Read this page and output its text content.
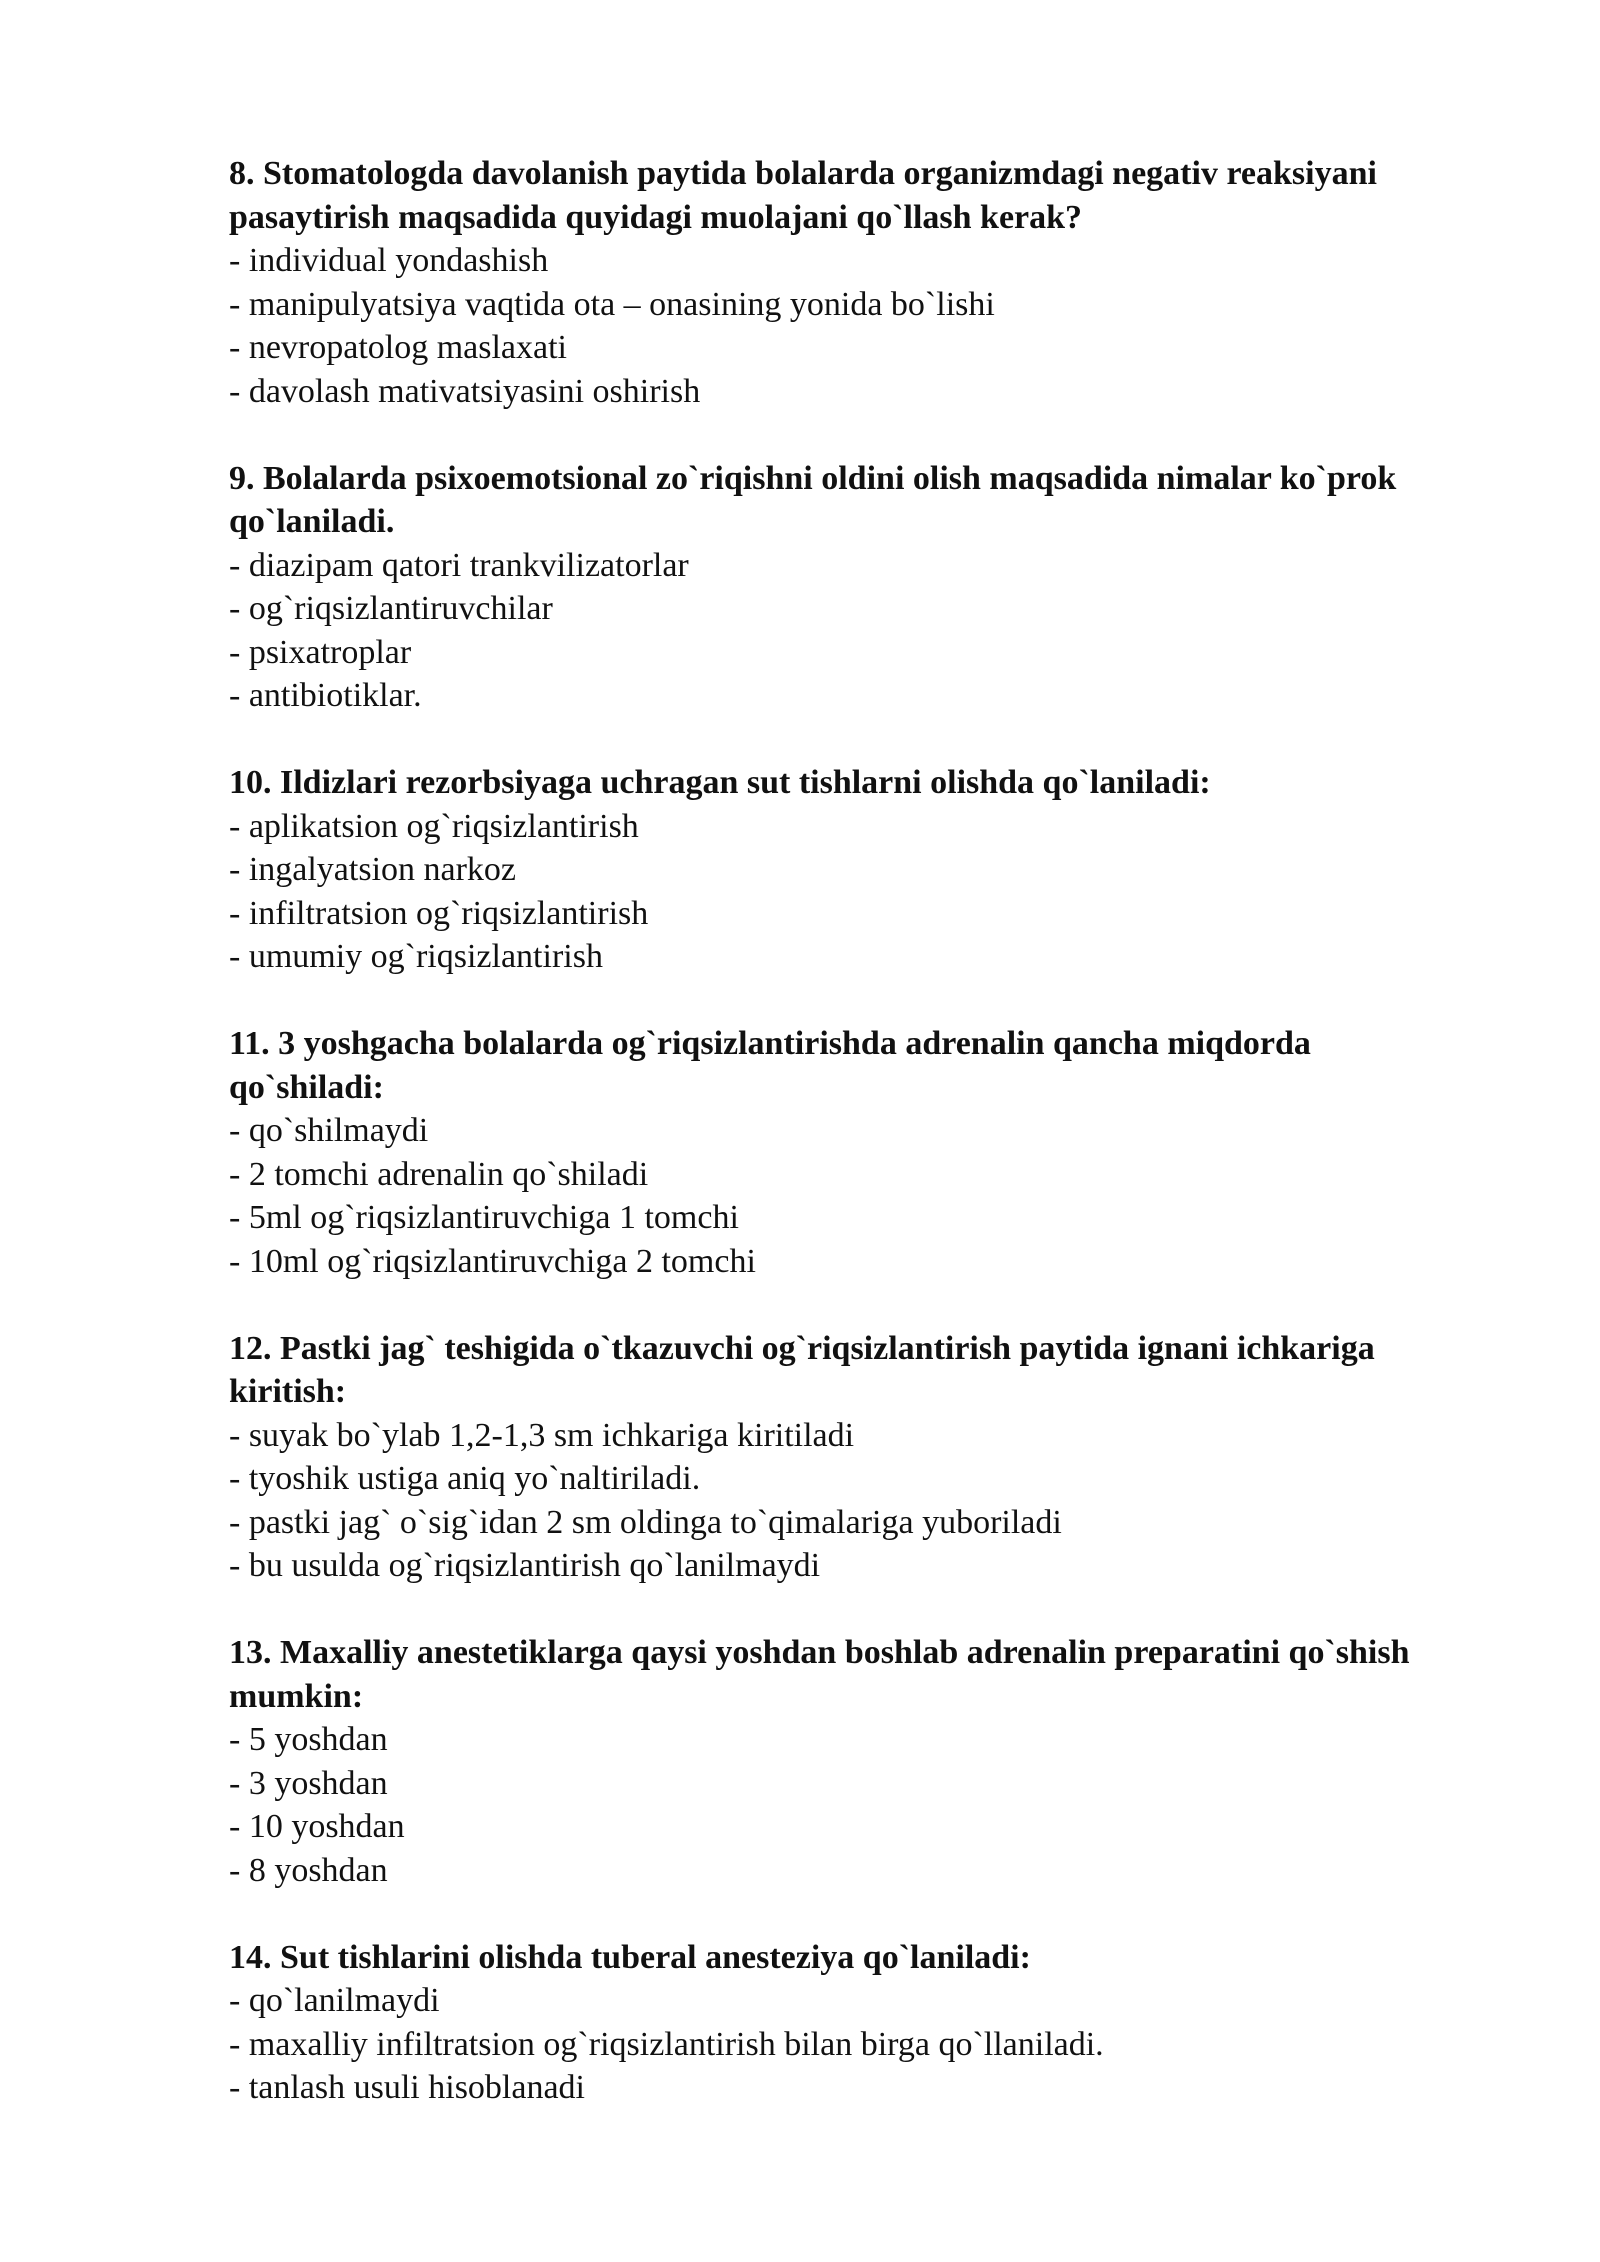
8. Stomatologda davolanish paytida bolalarda organizmdagi negativ reaksiyani pasaytirish maqsadida quyidagi muolajani qo`llash kerak?

- individual yondashish
- manipulyatsiya vaqtida ota – onasining yonida bo`lishi
- nevropatolog maslaxati
- davolash mativatsiyasini oshirish

9. Bolalarda psixoemotsional zo`riqishni oldini olish maqsadida nimalar ko`prok qo`laniladi.

- diazipam qatori trankvilizatorlar
- og`riqsizlantiruvchilar
- psixatroplar
- antibiotiklar.

10. Ildizlari rezorbsiyaga uchragan sut tishlarni olishda qo`laniladi:

- aplikatsion og`riqsizlantirish
- ingalyatsion narkoz
- infiltratsion og`riqsizlantirish
- umumiy og`riqsizlantirish

11. 3 yoshgacha bolalarda og`riqsizlantirishda adrenalin qancha miqdorda qo`shiladi:

- qo`shilmaydi
- 2 tomchi adrenalin qo`shiladi
- 5ml og`riqsizlantiruvchiga 1 tomchi
- 10ml og`riqsizlantiruvchiga 2 tomchi

12. Pastki jag` teshigida o`tkazuvchi og`riqsizlantirish paytida ignani ichkariga kiritish:

- suyak bo`ylab 1,2-1,3 sm ichkariga kiritiladi
- tyoshik ustiga aniq yo`naltiriladi.
- pastki jag` o`sig`idan 2 sm oldinga to`qimalariga yuboriladi
- bu usulda og`riqsizlantirish qo`lanilmaydi

13. Maxalliy anestetiklarga qaysi yoshdan boshlab adrenalin preparatini qo`shish mumkin:

- 5 yoshdan
- 3 yoshdan
- 10 yoshdan
- 8 yoshdan

14. Sut tishlarini olishda tuberal anesteziya qo`laniladi:

- qo`lanilmaydi
- maxalliy infiltratsion og`riqsizlantirish bilan birga qo`llaniladi.
- tanlash usuli hisoblanadi
